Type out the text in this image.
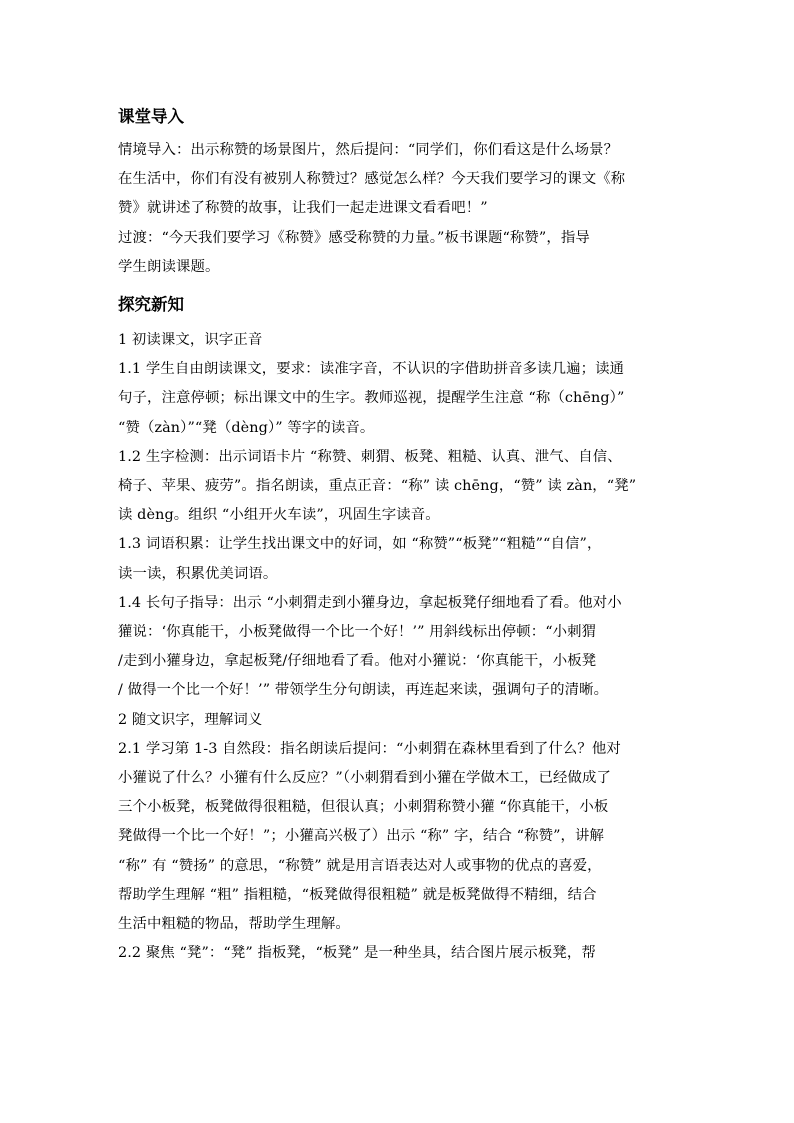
课堂导入

情境导入：出示称赞的场景图片，然后提问：“同学们，你们看这是什么场景？
在生活中，你们有没有被别人称赞过？感觉怎么样？今天我们要学习的课文《称
赞》就讲述了称赞的故事，让我们一起走进课文看看吧！”

过渡：“今天我们要学习《称赞》感受称赞的力量。”板书课题“称赞”，指导
学生朗读课题。

探究新知

1 初读课文，识字正音

1.1 学生自由朗读课文，要求：读准字音，不认识的字借助拼音多读几遍；读通
句子，注意停顿；标出课文中的生字。教师巡视，提醒学生注意 “称（chēng）”
“赞（zàn）”“凳（dèng）” 等字的读音。

1.2 生字检测：出示词语卡片 “称赞、刺猬、板凳、粗糙、认真、泄气、自信、
椅子、苹果、疲劳”。指名朗读，重点正音：“称” 读 chēng，“赞” 读 zàn，“凳”
读 dèng。组织 “小组开火车读”，巩固生字读音。

1.3 词语积累：让学生找出课文中的好词，如 “称赞”“板凳”“粗糙”“自信”，
读一读，积累优美词语。

1.4 长句子指导：出示 “小刺猬走到小獾身边，拿起板凳仔细地看了看。他对小
獾说：‘你真能干，小板凳做得一个比一个好！’” 用斜线标出停顿：“小刺猬
/走到小獾身边，拿起板凳/仔细地看了看。他对小獾说：‘你真能干，小板凳
/ 做得一个比一个好！’” 带领学生分句朗读，再连起来读，强调句子的清晰。

2 随文识字，理解词义

2.1 学习第 1-3 自然段：指名朗读后提问：“小刺猬在森林里看到了什么？他对
小獾说了什么？小獾有什么反应？”（小刺猬看到小獾在学做木工，已经做成了
三个小板凳，板凳做得很粗糙，但很认真；小刺猬称赞小獾 “你真能干，小板
凳做得一个比一个好！”；小獾高兴极了）出示 “称” 字，结合 “称赞”，讲解
“称” 有 “赞扬” 的意思，“称赞” 就是用言语表达对人或事物的优点的喜爱，
帮助学生理解 “粗” 指粗糙，“板凳做得很粗糙” 就是板凳做得不精细，结合
生活中粗糙的物品，帮助学生理解。

2.2 聚焦 “凳”：“凳” 指板凳，“板凳” 是一种坐具，结合图片展示板凳，帮
